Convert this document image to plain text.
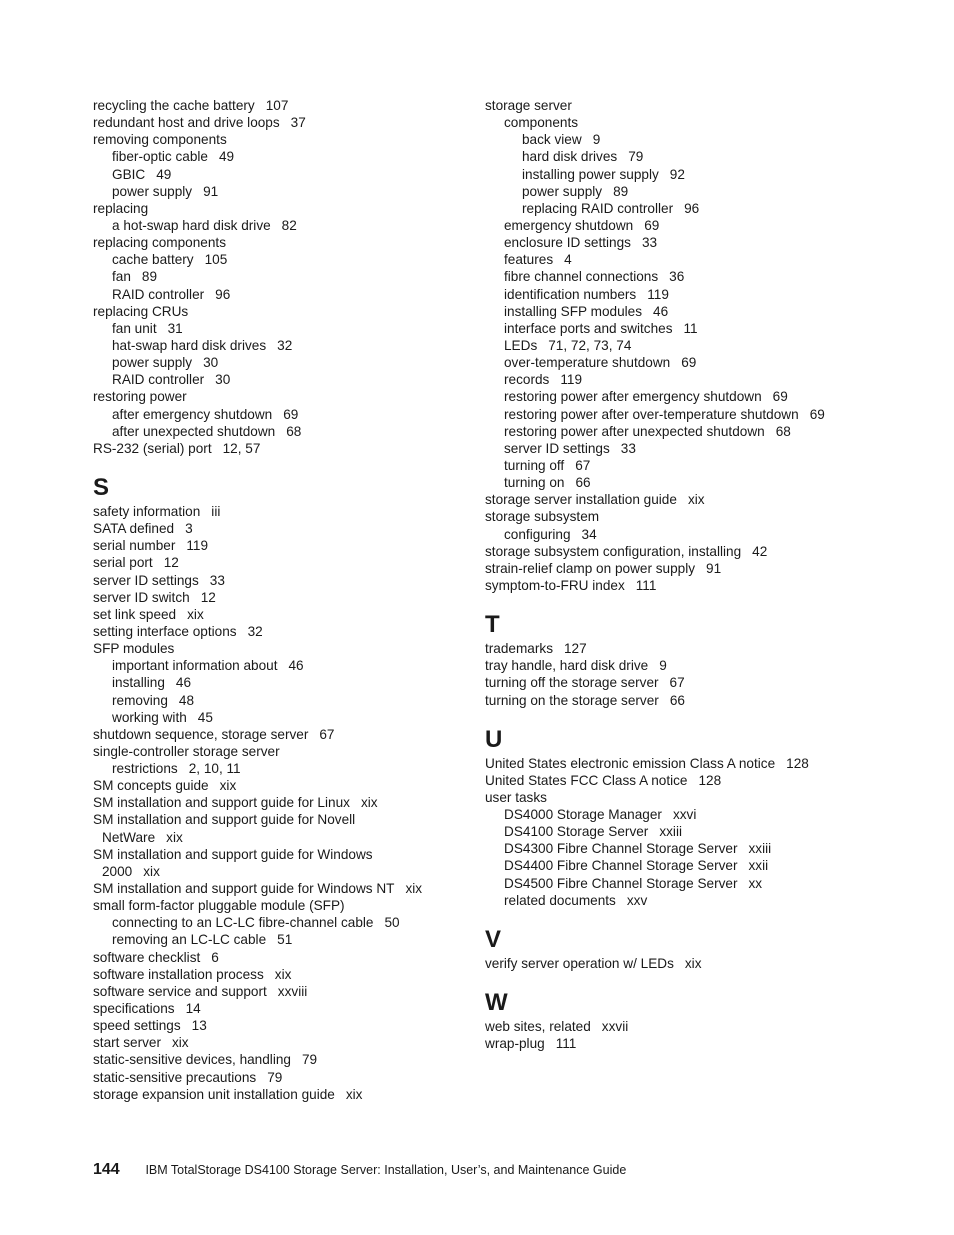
recycling the cache battery 107
redundant host and drive loops 37
removing components
fiber-optic cable 49
GBIC 49
power supply 91
replacing
a hot-swap hard disk drive 82
replacing components
cache battery 105
fan 89
RAID controller 96
replacing CRUs
fan unit 31
hat-swap hard disk drives 32
power supply 30
RAID controller 30
restoring power
after emergency shutdown 69
after unexpected shutdown 68
RS-232 (serial) port 12, 57
S
safety information iii
SATA defined 3
serial number 119
serial port 12
server ID settings 33
server ID switch 12
set link speed xix
setting interface options 32
SFP modules
important information about 46
installing 46
removing 48
working with 45
shutdown sequence, storage server 67
single-controller storage server
restrictions 2, 10, 11
SM concepts guide xix
SM installation and support guide for Linux xix
SM installation and support guide for Novell
NetWare xix
SM installation and support guide for Windows
2000 xix
SM installation and support guide for Windows NT xix
small form-factor pluggable module (SFP)
connecting to an LC-LC fibre-channel cable 50
removing an LC-LC cable 51
software checklist 6
software installation process xix
software service and support xxviii
specifications 14
speed settings 13
start server xix
static-sensitive devices, handling 79
static-sensitive precautions 79
storage expansion unit installation guide xix
storage server
components
back view 9
hard disk drives 79
installing power supply 92
power supply 89
replacing RAID controller 96
emergency shutdown 69
enclosure ID settings 33
features 4
fibre channel connections 36
identification numbers 119
installing SFP modules 46
interface ports and switches 11
LEDs 71, 72, 73, 74
over-temperature shutdown 69
records 119
restoring power after emergency shutdown 69
restoring power after over-temperature shutdown 69
restoring power after unexpected shutdown 68
server ID settings 33
turning off 67
turning on 66
storage server installation guide xix
storage subsystem
configuring 34
storage subsystem configuration, installing 42
strain-relief clamp on power supply 91
symptom-to-FRU index 111
T
trademarks 127
tray handle, hard disk drive 9
turning off the storage server 67
turning on the storage server 66
U
United States electronic emission Class A notice 128
United States FCC Class A notice 128
user tasks
DS4000 Storage Manager xxvi
DS4100 Storage Server xxiii
DS4300 Fibre Channel Storage Server xxiii
DS4400 Fibre Channel Storage Server xxii
DS4500 Fibre Channel Storage Server xx
related documents xxv
V
verify server operation w/ LEDs xix
W
web sites, related xxvii
wrap-plug 111
144 IBM TotalStorage DS4100 Storage Server: Installation, User’s, and Maintenance Guide
